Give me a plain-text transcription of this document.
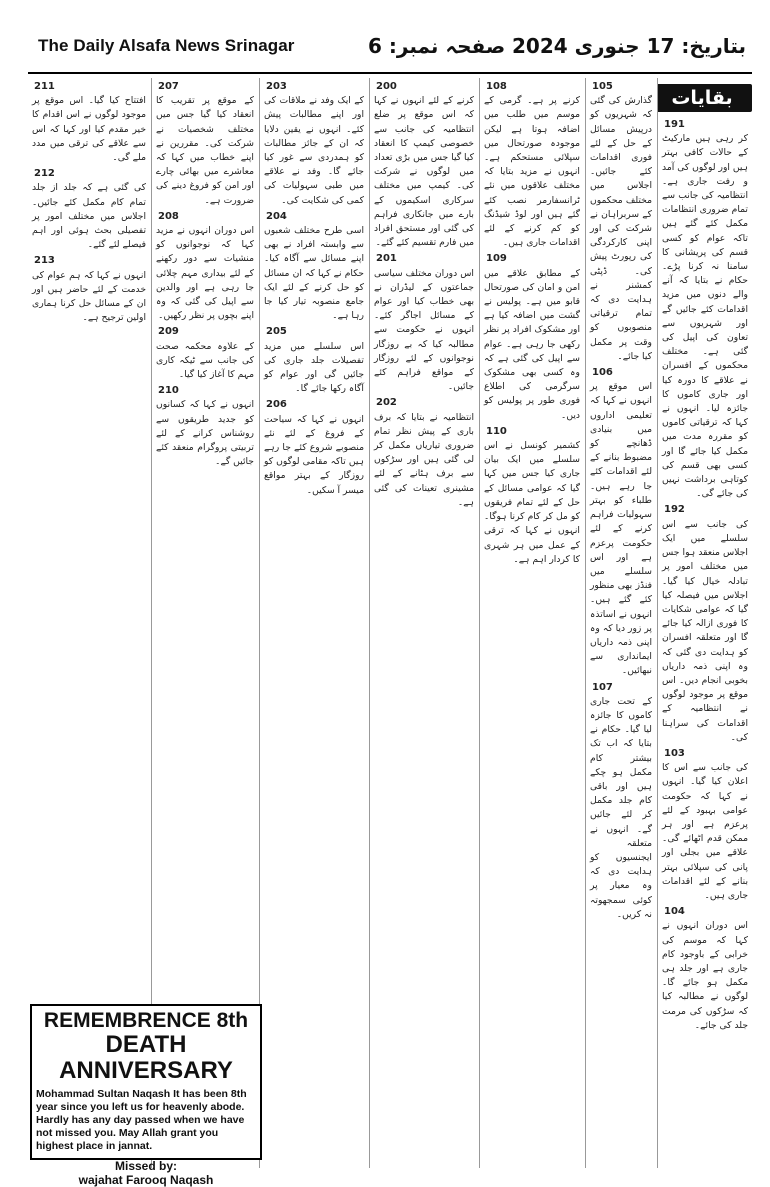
The Daily Alsafa News Srinagar	صفحہ نمبر: 6 بتاریخ: 17 جنوری 2024
211
افتتاح کیا گیا۔ اس موقع پر موجود لوگوں نے اس اقدام کا خیر مقدم کیا اور کہا کہ اس سے علاقے کی ترقی میں مدد ملے گی۔
212
کی گئی ہے کہ جلد از جلد تمام کام مکمل کئے جائیں۔ اجلاس میں مختلف امور پر تفصیلی بحث ہوئی اور اہم فیصلے لئے گئے۔
213
انہوں نے کہا کہ ہم عوام کی خدمت کے لئے حاضر ہیں اور ان کے مسائل حل کرنا ہماری اولین ترجیح ہے۔
207
کے موقع پر تقریب کا انعقاد کیا گیا جس میں مختلف شخصیات نے شرکت کی۔ مقررین نے اپنے خطاب میں کہا کہ معاشرے میں بھائی چارے اور امن کو فروغ دینے کی ضرورت ہے۔
208
اس دوران انہوں نے مزید کہا کہ نوجوانوں کو منشیات سے دور رکھنے کے لئے بیداری مہم چلائی جا رہی ہے اور والدین سے اپیل کی گئی کہ وہ اپنے بچوں پر نظر رکھیں۔
209
کے علاوہ محکمہ صحت کی جانب سے ٹیکہ کاری مہم کا آغاز کیا گیا۔
210
انہوں نے کہا کہ کسانوں کو جدید طریقوں سے روشناس کرانے کے لئے تربیتی پروگرام منعقد کئے جائیں گے۔
203
کے ایک وفد نے ملاقات کی اور اپنے مطالبات پیش کئے۔ انہوں نے یقین دلایا کہ ان کے جائز مطالبات کو ہمدردی سے غور کیا جائے گا۔ وفد نے علاقے میں طبی سہولیات کی کمی کی شکایت کی۔
204
اسی طرح مختلف شعبوں سے وابستہ افراد نے بھی اپنے مسائل سے آگاہ کیا۔ حکام نے کہا کہ ان مسائل کو حل کرنے کے لئے ایک جامع منصوبہ تیار کیا جا رہا ہے۔
205
اس سلسلے میں مزید تفصیلات جلد جاری کی جائیں گی اور عوام کو آگاہ رکھا جائے گا۔
206
انہوں نے کہا کہ سیاحت کے فروغ کے لئے نئے منصوبے شروع کئے جا رہے ہیں تاکہ مقامی لوگوں کو روزگار کے بہتر مواقع میسر آ سکیں۔
200
کرنے کے لئے انہوں نے کہا کہ اس موقع پر ضلع انتظامیہ کی جانب سے خصوصی کیمپ کا انعقاد کیا گیا جس میں بڑی تعداد میں لوگوں نے شرکت کی۔ کیمپ میں مختلف سرکاری اسکیموں کے بارے میں جانکاری فراہم کی گئی اور مستحق افراد میں فارم تقسیم کئے گئے۔
201
اس دوران مختلف سیاسی جماعتوں کے لیڈران نے بھی خطاب کیا اور عوام کے مسائل اجاگر کئے۔ انہوں نے حکومت سے مطالبہ کیا کہ بے روزگار نوجوانوں کے لئے روزگار کے مواقع فراہم کئے جائیں۔
202
انتظامیہ نے بتایا کہ برف باری کے پیش نظر تمام ضروری تیاریاں مکمل کر لی گئی ہیں اور سڑکوں سے برف ہٹانے کے لئے مشینری تعینات کی گئی ہے۔
108
کرنے پر ہے۔ گرمی کے موسم میں طلب میں اضافہ ہوتا ہے لیکن موجودہ صورتحال میں سپلائی مستحکم ہے۔ انہوں نے مزید بتایا کہ مختلف علاقوں میں نئے ٹرانسفارمر نصب کئے گئے ہیں اور لوڈ شیڈنگ کو کم کرنے کے لئے اقدامات جاری ہیں۔
109
کے مطابق علاقے میں امن و امان کی صورتحال قابو میں ہے۔ پولیس نے گشت میں اضافہ کیا ہے اور مشکوک افراد پر نظر رکھی جا رہی ہے۔ عوام سے اپیل کی گئی ہے کہ وہ کسی بھی مشکوک سرگرمی کی اطلاع فوری طور پر پولیس کو دیں۔
110
کشمیر کونسل نے اس سلسلے میں ایک بیان جاری کیا جس میں کہا گیا کہ عوامی مسائل کے حل کے لئے تمام فریقوں کو مل کر کام کرنا ہوگا۔ انہوں نے کہا کہ ترقی کے عمل میں ہر شہری کا کردار اہم ہے۔
105
گذارش کی گئی کہ شہریوں کو درپیش مسائل کے حل کے لئے فوری اقدامات کئے جائیں۔ اجلاس میں مختلف محکموں کے سربراہان نے شرکت کی اور اپنی کارکردگی کی رپورٹ پیش کی۔ ڈپٹی کمشنر نے ہدایت دی کہ تمام ترقیاتی منصوبوں کو وقت پر مکمل کیا جائے۔
106
اس موقع پر انہوں نے کہا کہ تعلیمی اداروں میں بنیادی ڈھانچے کو مضبوط بنانے کے لئے اقدامات کئے جا رہے ہیں۔ طلباء کو بہتر سہولیات فراہم کرنے کے لئے حکومت پرعزم ہے اور اس سلسلے میں فنڈز بھی منظور کئے گئے ہیں۔ انہوں نے اساتذہ پر زور دیا کہ وہ اپنی ذمہ داریاں ایمانداری سے نبھائیں۔
107
کے تحت جاری کاموں کا جائزہ لیا گیا۔ حکام نے بتایا کہ اب تک بیشتر کام مکمل ہو چکے ہیں اور باقی کام جلد مکمل کر لئے جائیں گے۔ انہوں نے متعلقہ ایجنسیوں کو ہدایت دی کہ وہ معیار پر کوئی سمجھوتہ نہ کریں۔
بقایات
191
کر رہی ہیں مارکیٹ کے حالات کافی بہتر ہیں اور لوگوں کی آمد و رفت جاری ہے۔ انتظامیہ کی جانب سے تمام ضروری انتظامات مکمل کئے گئے ہیں تاکہ عوام کو کسی قسم کی پریشانی کا سامنا نہ کرنا پڑے۔ حکام نے بتایا کہ آنے والے دنوں میں مزید اقدامات کئے جائیں گے اور شہریوں سے تعاون کی اپیل کی گئی ہے۔ مختلف محکموں کے افسران نے علاقے کا دورہ کیا اور جاری کاموں کا جائزہ لیا۔ انہوں نے کہا کہ ترقیاتی کاموں کو مقررہ مدت میں مکمل کیا جائے گا اور کسی بھی قسم کی کوتاہی برداشت نہیں کی جائے گی۔
192
کی جانب سے اس سلسلے میں ایک اجلاس منعقد ہوا جس میں مختلف امور پر تبادلہ خیال کیا گیا۔ اجلاس میں فیصلہ کیا گیا کہ عوامی شکایات کا فوری ازالہ کیا جائے گا اور متعلقہ افسران کو ہدایت دی گئی کہ وہ اپنی ذمہ داریاں بخوبی انجام دیں۔ اس موقع پر موجود لوگوں نے انتظامیہ کے اقدامات کی سراہنا کی۔
103
کی جانب سے اس کا اعلان کیا گیا۔ انہوں نے کہا کہ حکومت عوامی بہبود کے لئے پرعزم ہے اور ہر ممکن قدم اٹھائے گی۔ علاقے میں بجلی اور پانی کی سپلائی بہتر بنانے کے لئے اقدامات جاری ہیں۔
104
اس دوران انہوں نے کہا کہ موسم کی خرابی کے باوجود کام جاری ہے اور جلد ہی مکمل ہو جائے گا۔ لوگوں نے مطالبہ کیا کہ سڑکوں کی مرمت جلد کی جائے۔
REMEMBRENCE 8th
DEATH ANNIVERSARY
Mohammad Sultan Naqash It has been 8th year since you left us for heavenly abode. Hardly has any day passed when we have not missed you. May Allah grant you highest place in jannat.
Missed by:
wajahat Farooq Naqash
